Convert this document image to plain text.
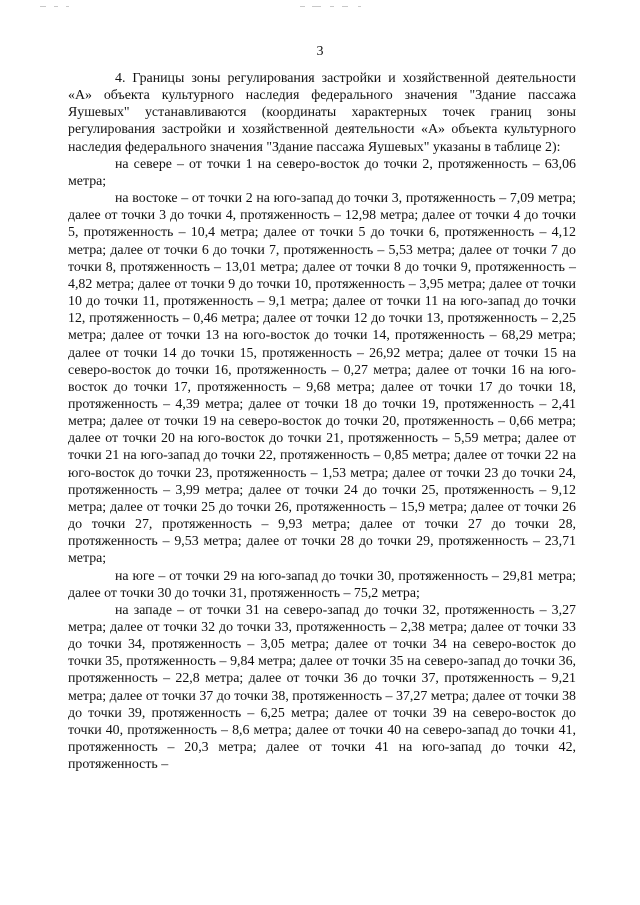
3

4. Границы зоны регулирования застройки и хозяйственной деятельности «А» объекта культурного наследия федерального значения "Здание пассажа Яушевых" устанавливаются (координаты характерных точек границ зоны регулирования застройки и хозяйственной деятельности «А» объекта культурного наследия федерального значения "Здание пассажа Яушевых" указаны в таблице 2):

на севере – от точки 1 на северо-восток до точки 2, протяженность – 63,06 метра;

на востоке – от точки 2 на юго-запад до точки 3, протяженность – 7,09 метра; далее от точки 3 до точки 4, протяженность – 12,98 метра; далее от точки 4 до точки 5, протяженность – 10,4 метра; далее от точки 5 до точки 6, протяженность – 4,12 метра; далее от точки 6 до точки 7, протяженность – 5,53 метра; далее от точки 7 до точки 8, протяженность – 13,01 метра; далее от точки 8 до точки 9, протяженность – 4,82 метра; далее от точки 9 до точки 10, протяженность – 3,95 метра; далее от точки 10 до точки 11, протяженность – 9,1 метра; далее от точки 11 на юго-запад до точки 12, протяженность – 0,46 метра; далее от точки 12 до точки 13, протяженность – 2,25 метра; далее от точки 13 на юго-восток до точки 14, протяженность – 68,29 метра; далее от точки 14 до точки 15, протяженность – 26,92 метра; далее от точки 15 на северо-восток до точки 16, протяженность – 0,27 метра; далее от точки 16 на юго-восток до точки 17, протяженность – 9,68 метра; далее от точки 17 до точки 18, протяженность – 4,39 метра; далее от точки 18 до точки 19, протяженность – 2,41 метра; далее от точки 19 на северо-восток до точки 20, протяженность – 0,66 метра; далее от точки 20 на юго-восток до точки 21, протяженность – 5,59 метра; далее от точки 21 на юго-запад до точки 22, протяженность – 0,85 метра; далее от точки 22 на юго-восток до точки 23, протяженность – 1,53 метра; далее от точки 23 до точки 24, протяженность – 3,99 метра; далее от точки 24 до точки 25, протяженность – 9,12 метра; далее от точки 25 до точки 26, протяженность – 15,9 метра; далее от точки 26 до точки 27, протяженность – 9,93 метра; далее от точки 27 до точки 28, протяженность – 9,53 метра; далее от точки 28 до точки 29, протяженность – 23,71 метра;

на юге – от точки 29 на юго-запад до точки 30, протяженность – 29,81 метра; далее от точки 30 до точки 31, протяженность – 75,2 метра;

на западе – от точки 31 на северо-запад до точки 32, протяженность – 3,27 метра; далее от точки 32 до точки 33, протяженность – 2,38 метра; далее от точки 33 до точки 34, протяженность – 3,05 метра; далее от точки 34 на северо-восток до точки 35, протяженность – 9,84 метра; далее от точки 35 на северо-запад до точки 36, протяженность – 22,8 метра; далее от точки 36 до точки 37, протяженность – 9,21 метра; далее от точки 37 до точки 38, протяженность – 37,27 метра; далее от точки 38 до точки 39, протяженность – 6,25 метра; далее от точки 39 на северо-восток до точки 40, протяженность – 8,6 метра; далее от точки 40 на северо-запад до точки 41, протяженность – 20,3 метра; далее от точки 41 на юго-запад до точки 42, протяженность –
